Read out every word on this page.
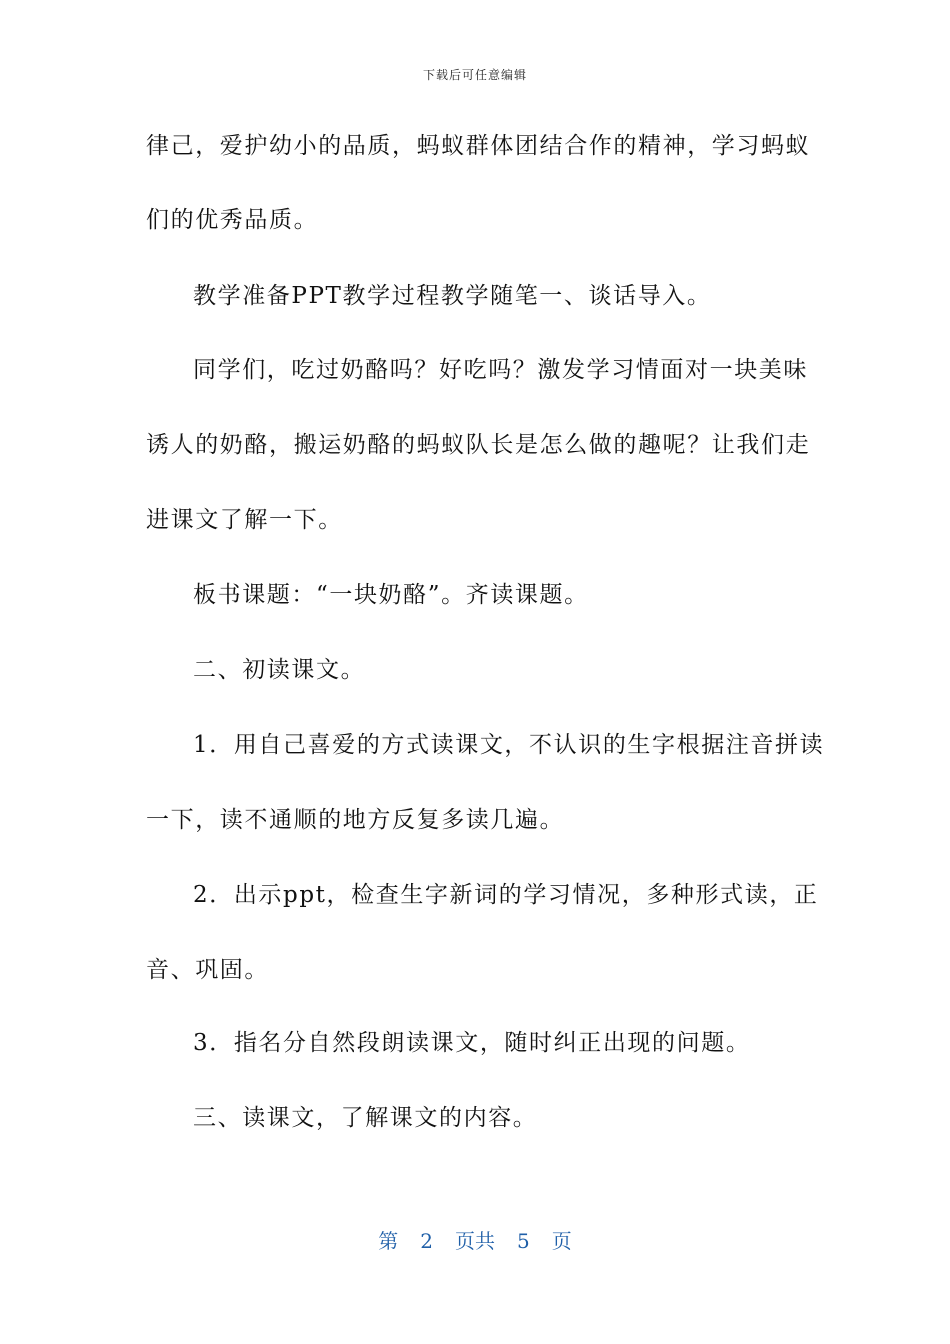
下载后可任意编辑
律己，爱护幼小的品质，蚂蚁群体团结合作的精神，学习蚂蚁
们的优秀品质。
教学准备PPT教学过程教学随笔一、谈话导入。
同学们，吃过奶酪吗？好吃吗？激发学习情面对一块美味
诱人的奶酪，搬运奶酪的蚂蚁队长是怎么做的趣呢？让我们走
进课文了解一下。
板书课题：“一块奶酪”。齐读课题。
二、初读课文。
1．用自己喜爱的方式读课文，不认识的生字根据注音拼读
一下，读不通顺的地方反复多读几遍。
2．出示ppt，检查生字新词的学习情况，多种形式读，正
音、巩固。
3．指名分自然段朗读课文，随时纠正出现的问题。
三、读课文，了解课文的内容。
第 2 页共 5 页
